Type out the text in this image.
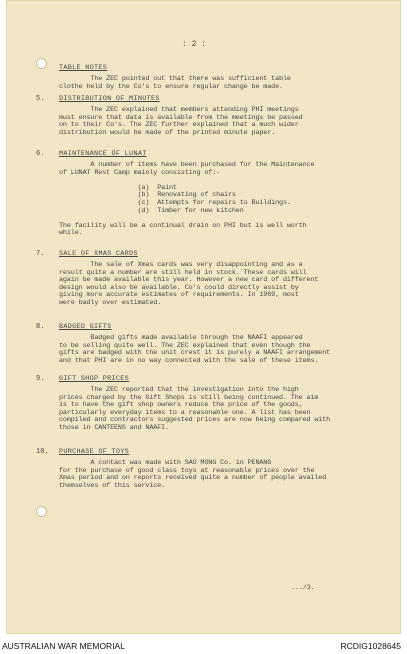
: 2 :
TABLE NOTES
The ZEC pointed out that there was sufficient table
clothe held by the Co's to ensure regular change be made.
5. DISTRIBUTION OF MINUTES
The ZEC explained that members attending PHI meetings
must ensure that data is available from the meetings be passed
on to their Co's. The ZEC further explained that a much wider
distribution would be made of the printed minute paper.
6. MAINTENANCE OF LUNAT
A number of items have been purchased for the Maintenance
of LUNAT Rest Camp mainly consisting of:-
(a)  Paint
(b)  Renovating of chairs
(c)  Attempts for repairs to Buildings.
(d)  Timber for new kitchen
The facility will be a continual drain on PHI but is well worth
while.
7. SALE OF XMAS CARDS
The sale of Xmas cards was very disappointing and as a
result quite a number are still held in stock. These cards will
again be made available this year. However a new card of different
design would also be available. Co's could directly assist by
giving more accurate estimates of requirements. In 1969, most
were badly over estimated.
8. BADGED GIFTS
Badged gifts made available through the NAAFI appeared
to be selling quite well. The ZEC explained that even though the
gifts are badged with the unit crest it is purely a NAAFI arrangement
and that PHI are in no way connected with the sale of these items.
9. GIFT SHOP PRICES
The ZEC reported that the investigation into the high
prices charged by the Gift Shops is still being continued. The aim
is to have the gift shop owners reduce the price of the goods,
particularly everyday items to a reasonable one. A list has been
compiled and contractors suggested prices are now being compared with
those in CANTEENS and NAAFI.
10. PURCHASE OF TOYS
A contact was made with SAO MONG Co. in PENANG
for the purchase of good class toys at reasonable prices over the
Xmas period and on reports received quite a number of people availed
themselves of this service.
.../3.
AUSTRALIAN WAR MEMORIAL	RCDIG1028645
